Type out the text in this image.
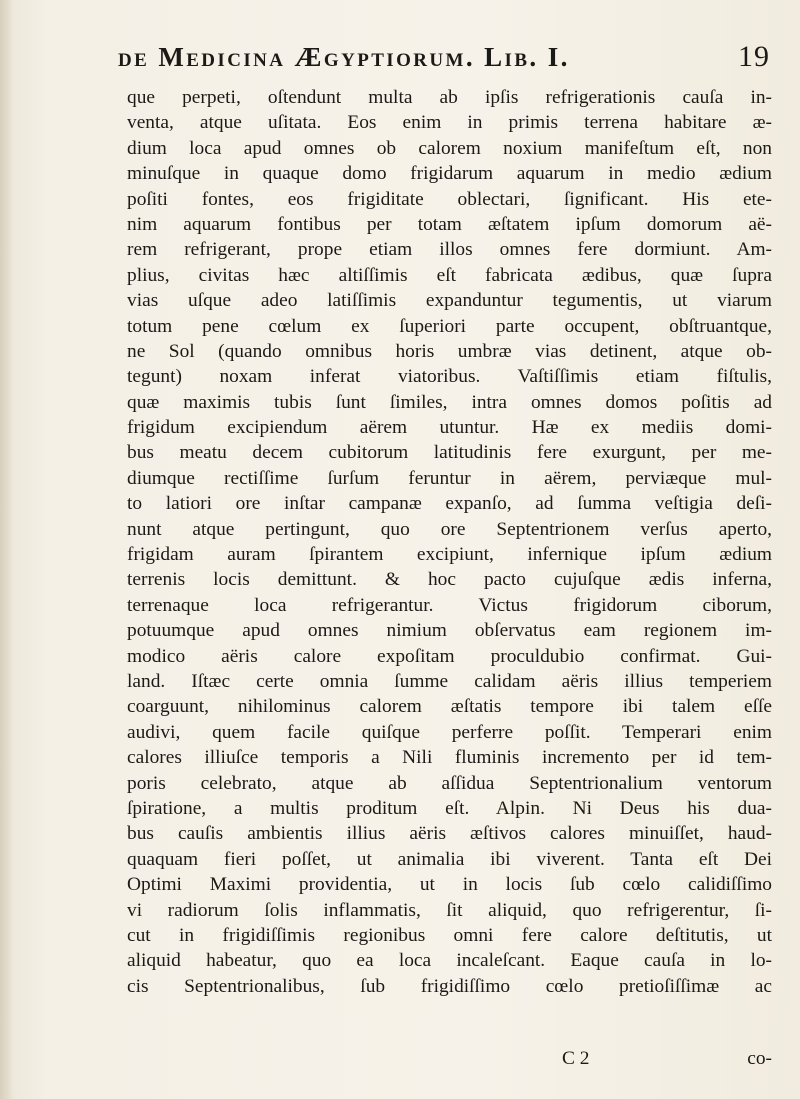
de Medicina Ægyptiorum. Lib. I.	19
que perpeti, oſtendunt multa ab ipſis refrigerationis cauſa in-
venta, atque uſitata. Eos enim in primis terrena habitare æ-
dium loca apud omnes ob calorem noxium manifeſtum eſt, non
minuſque in quaque domo frigidarum aquarum in medio ædium
poſiti fontes, eos frigiditate oblectari, ſignificant. His ete-
nim aquarum fontibus per totam æſtatem ipſum domorum aë-
rem refrigerant, prope etiam illos omnes fere dormiunt. Am-
plius, civitas hæc altiſſimis eſt fabricata ædibus, quæ ſupra
vias uſque adeo latiſſimis expanduntur tegumentis, ut viarum
totum pene cœlum ex ſuperiori parte occupent, obſtruantque,
ne Sol (quando omnibus horis umbræ vias detinent, atque ob-
tegunt) noxam inferat viatoribus. Vaſtiſſimis etiam fiſtulis,
quæ maximis tubis ſunt ſimiles, intra omnes domos poſitis ad
frigidum excipiendum aërem utuntur. Hæ ex mediis domi-
bus meatu decem cubitorum latitudinis fere exurgunt, per me-
diumque rectiſſime ſurſum feruntur in aërem, perviæque mul-
to latiori ore inſtar campanæ expanſo, ad ſumma veſtigia deſi-
nunt atque pertingunt, quo ore Septentrionem verſus aperto,
frigidam auram ſpirantem excipiunt, infernique ipſum ædium
terrenis locis demittunt. & hoc pacto cujuſque ædis inferna,
terrenaque loca refrigerantur. Victus frigidorum ciborum,
potuumque apud omnes nimium obſervatus eam regionem im-
modico aëris calore expoſitam proculdubio confirmat. Gui-
land. Iſtæc certe omnia ſumme calidam aëris illius temperiem
coarguunt, nihilominus calorem æſtatis tempore ibi talem eſſe
audivi, quem facile quiſque perferre poſſit. Temperari enim
calores illiuſce temporis a Nili fluminis incremento per id tem-
poris celebrato, atque ab aſſidua Septentrionalium ventorum
ſpiratione, a multis proditum eſt. Alpin. Ni Deus his dua-
bus cauſis ambientis illius aëris æſtivos calores minuiſſet, haud-
quaquam fieri poſſet, ut animalia ibi viverent. Tanta eſt Dei
Optimi Maximi providentia, ut in locis ſub cœlo calidiſſimo
vi radiorum ſolis inflammatis, ſit aliquid, quo refrigerentur, ſi-
cut in frigidiſſimis regionibus omni fere calore deſtitutis, ut
aliquid habeatur, quo ea loca incaleſcant. Eaque cauſa in lo-
cis Septentrionalibus, ſub frigidiſſimo cœlo pretioſiſſimæ ac
C 2	co-
